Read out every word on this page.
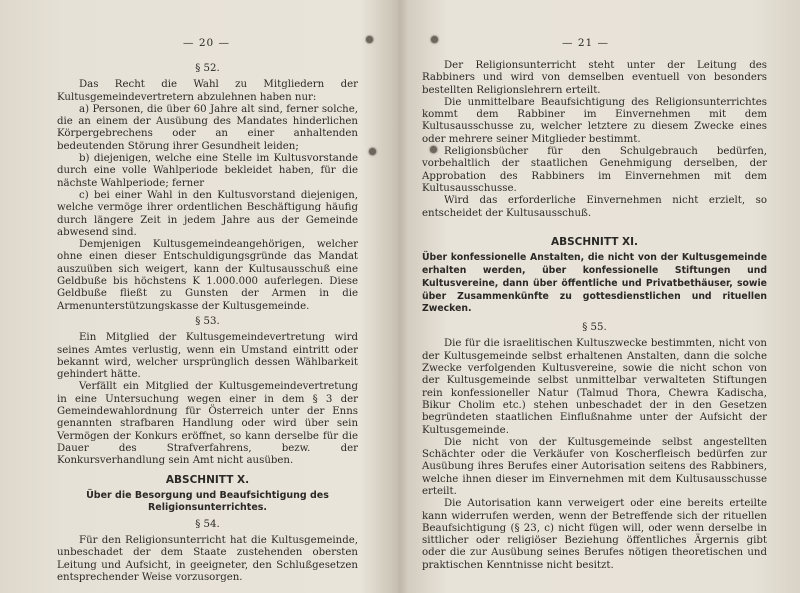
— 20 —

§ 52.

Das Recht die Wahl zu Mitgliedern der Kultusgemeindevertretern abzulehnen haben nur:

a) Personen, die über 60 Jahre alt sind, ferner solche, die an einem der Ausübung des Mandates hinderlichen Körpergebrechens oder an einer anhaltenden bedeutenden Störung ihrer Gesundheit leiden;

b) diejenigen, welche eine Stelle im Kultusvorstande durch eine volle Wahlperiode bekleidet haben, für die nächste Wahlperiode; ferner

c) bei einer Wahl in den Kultusvorstand diejenigen, welche vermöge ihrer ordentlichen Beschäftigung häufig durch längere Zeit in jedem Jahre aus der Gemeinde abwesend sind.

Demjenigen Kultusgemeindeangehörigen, welcher ohne einen dieser Entschuldigungsgründe das Mandat auszuüben sich weigert, kann der Kultusausschuß eine Geldbuße bis höchstens K 1.000.000 auferlegen. Diese Geldbuße fließt zu Gunsten der Armen in die Armenunterstützungskasse der Kultusgemeinde.

§ 53.

Ein Mitglied der Kultusgemeindevertretung wird seines Amtes verlustig, wenn ein Umstand eintritt oder bekannt wird, welcher ursprünglich dessen Wählbarkeit gehindert hätte.

Verfällt ein Mitglied der Kultusgemeindevertretung in eine Untersuchung wegen einer in dem § 3 der Gemeindewahlordnung für Österreich unter der Enns genannten strafbaren Handlung oder wird über sein Vermögen der Konkurs eröffnet, so kann derselbe für die Dauer des Strafverfahrens, bezw. der Konkursverhandlung sein Amt nicht ausüben.

ABSCHNITT X.

Über die Besorgung und Beaufsichtigung des Religionsunterrichtes.

§ 54.

Für den Religionsunterricht hat die Kultusgemeinde, unbeschadet der dem Staate zustehenden obersten Leitung und Aufsicht, in geeigneter, den Schlußgesetzen entsprechender Weise vorzusorgen.

— 21 —

Der Religionsunterricht steht unter der Leitung des Rabbiners und wird von demselben eventuell von besonders bestellten Religionslehrern erteilt.

Die unmittelbare Beaufsichtigung des Religionsunterrichtes kommt dem Rabbiner im Einvernehmen mit dem Kultusausschusse zu, welcher letztere zu diesem Zwecke eines oder mehrere seiner Mitglieder bestimmt.

Religionsbücher für den Schulgebrauch bedürfen, vorbehaltlich der staatlichen Genehmigung derselben, der Approbation des Rabbiners im Einvernehmen mit dem Kultusausschusse.

Wird das erforderliche Einvernehmen nicht erzielt, so entscheidet der Kultusausschuß.

ABSCHNITT XI.

Über konfessionelle Anstalten, die nicht von der Kultusgemeinde erhalten werden, über konfessionelle Stiftungen und Kultusvereine, dann über öffentliche und Privatbethäuser, sowie über Zusammenkünfte zu gottesdienstlichen und rituellen Zwecken.

§ 55.

Die für die israelitischen Kultuszwecke bestimmten, nicht von der Kultusgemeinde selbst erhaltenen Anstalten, dann die solche Zwecke verfolgenden Kultusvereine, sowie die nicht schon von der Kultusgemeinde selbst unmittelbar verwalteten Stiftungen rein konfessioneller Natur (Talmud Thora, Chewra Kadischa, Bikur Cholim etc.) stehen unbeschadet der in den Gesetzen begründeten staatlichen Einflußnahme unter der Aufsicht der Kultusgemeinde.

Die nicht von der Kultusgemeinde selbst angestellten Schächter oder die Verkäufer von Koscherfleisch bedürfen zur Ausübung ihres Berufes einer Autorisation seitens des Rabbiners, welche ihnen dieser im Einvernehmen mit dem Kultusausschusse erteilt.

Die Autorisation kann verweigert oder eine bereits erteilte kann widerrufen werden, wenn der Betreffende sich der rituellen Beaufsichtigung (§ 23, c) nicht fügen will, oder wenn derselbe in sittlicher oder religiöser Beziehung öffentliches Ärgernis gibt oder die zur Ausübung seines Berufes nötigen theoretischen und praktischen Kenntnisse nicht besitzt.
